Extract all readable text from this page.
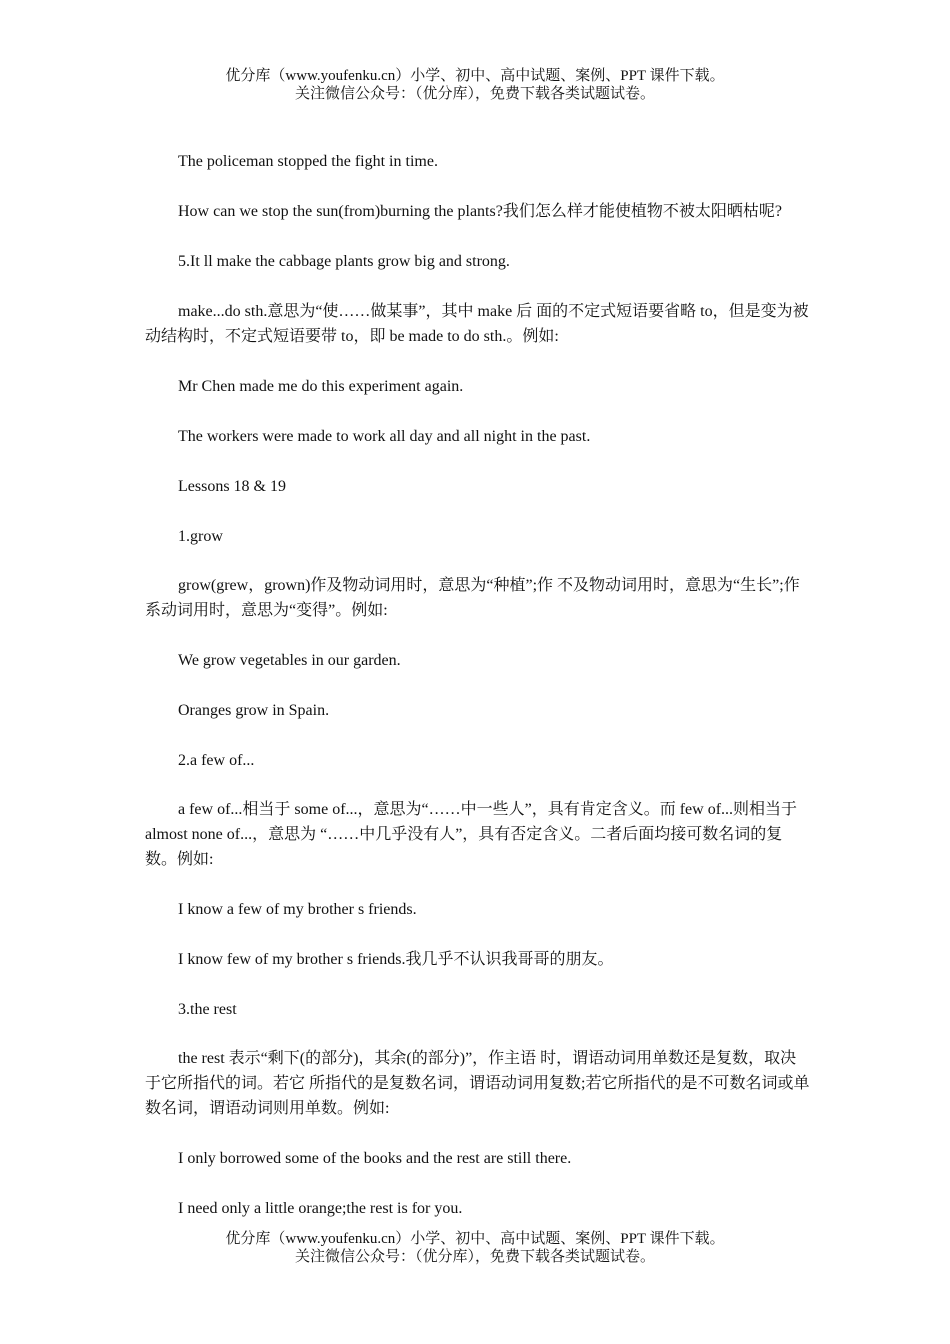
优分库（www.youfenku.cn）小学、初中、高中试题、案例、PPT 课件下载。
关注微信公众号：（优分库），免费下载各类试题试卷。
The policeman stopped the fight in time.
How can we stop the sun(from)burning the plants?我们怎么样才能使植物不被太阳晒枯呢?
5.It ll make the cabbage plants grow big and strong.
make...do sth.意思为“使……做某事”，其中 make 后 面的不定式短语要省略 to，但是变为被动结构时，不定式短语要带 to，即 be made to do sth.。例如:
Mr Chen made me do this experiment again.
The workers were made to work all day and all night in the past.
Lessons 18 & 19
1.grow
grow(grew，grown)作及物动词用时，意思为“种植”;作 不及物动词用时，意思为“生长”;作系动词用时，意思为“变得”。例如:
We grow vegetables in our garden.
Oranges grow in Spain.
2.a few of...
a few of...相当于 some of...，意思为“……中一些人”，具有肯定含义。而 few of...则相当于 almost none of...，意思为 “……中几乎没有人”，具有否定含义。二者后面均接可数名词的复数。例如:
I know a few of my brother s friends.
I know few of my brother s friends.我几乎不认识我哥哥的朋友。
3.the rest
the rest 表示“剩下(的部分)，其余(的部分)”，作主语 时，谓语动词用单数还是复数，取决于它所指代的词。若它 所指代的是复数名词，谓语动词用复数;若它所指代的是不可数名词或单数名词，谓语动词则用单数。例如:
I only borrowed some of the books and the rest are still there.
I need only a little orange;the rest is for you.
优分库（www.youfenku.cn）小学、初中、高中试题、案例、PPT 课件下载。
关注微信公众号：（优分库），免费下载各类试题试卷。
